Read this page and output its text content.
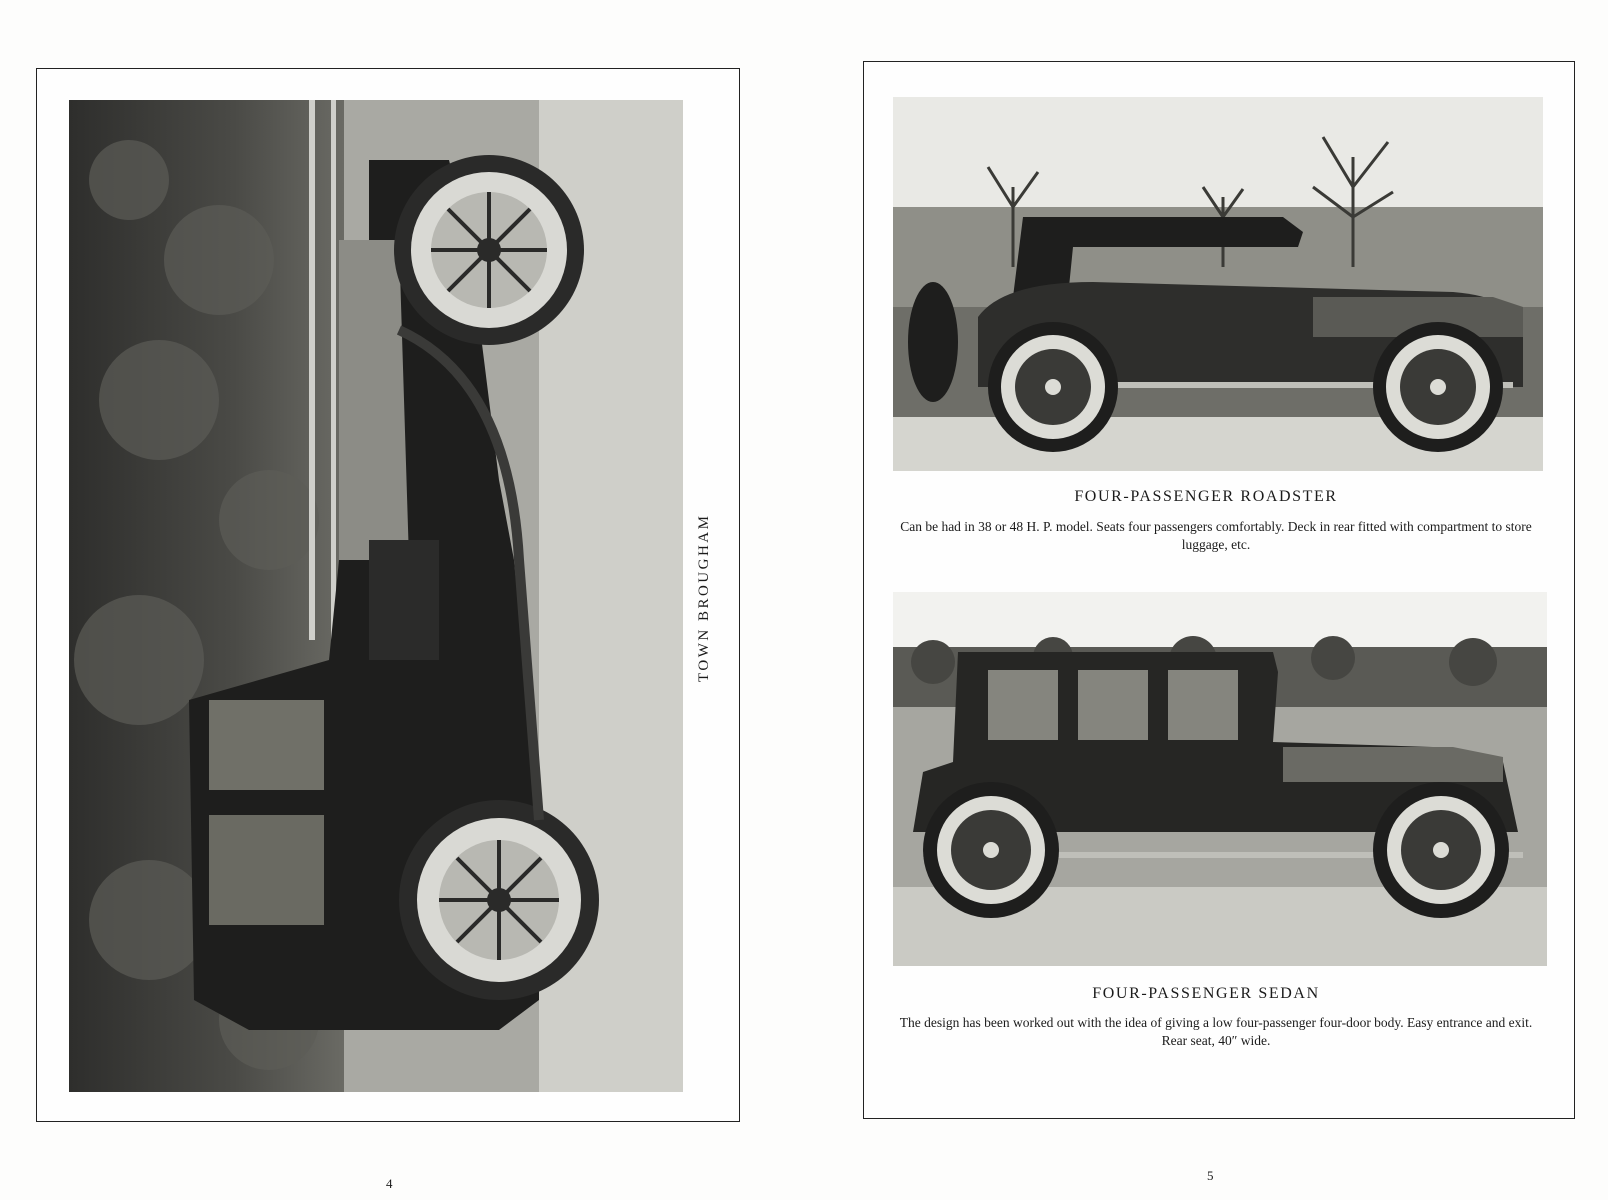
TOWN BROUGHAM
4
FOUR-PASSENGER ROADSTER
Can be had in 38 or 48 H. P. model. Seats four passengers comfortably. Deck in rear fitted with compartment to store luggage, etc.
FOUR-PASSENGER SEDAN
The design has been worked out with the idea of giving a low four-passenger four-door body. Easy entrance and exit. Rear seat, 40″ wide.
5
